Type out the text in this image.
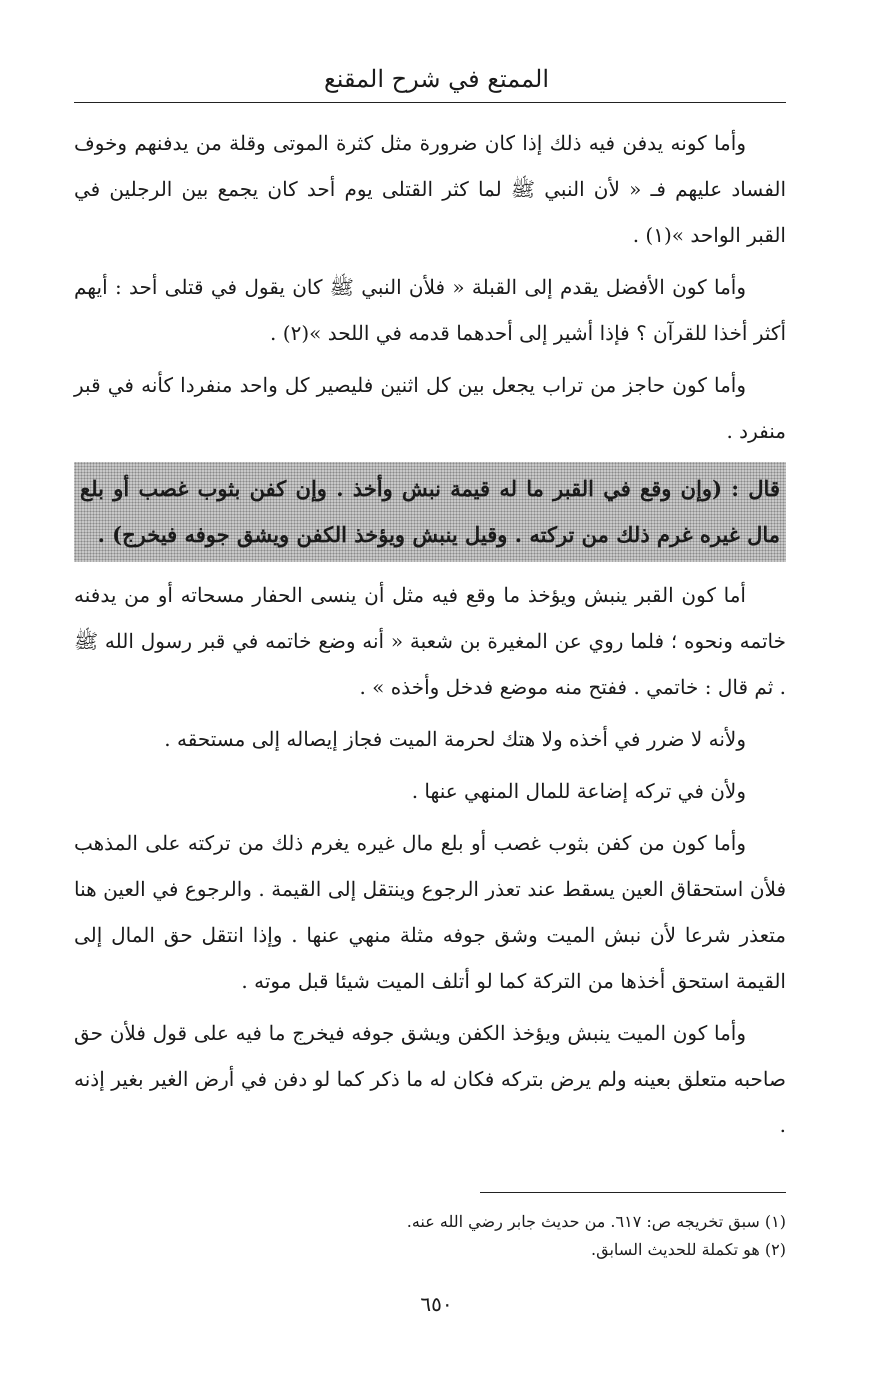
الممتع في شرح المقنع

وأما كونه يدفن فيه ذلك إذا كان ضرورة مثل كثرة الموتى وقلة من يدفنهم وخوف الفساد عليهم فـ « لأن النبي ﷺ لما كثر القتلى يوم أحد كان يجمع بين الرجلين في القبر الواحد »(١) .

وأما كون الأفضل يقدم إلى القبلة « فلأن النبي ﷺ كان يقول في قتلى أحد : أيهم أكثر أخذا للقرآن ؟ فإذا أشير إلى أحدهما قدمه في اللحد »(٢) .

وأما كون حاجز من تراب يجعل بين كل اثنين فليصير كل واحد منفردا كأنه في قبر منفرد .

قال : (وإن وقع في القبر ما له قيمة نبش وأخذ . وإن كفن بثوب غصب أو بلع مال غيره غرم ذلك من تركته . وقيل ينبش ويؤخذ الكفن ويشق جوفه فيخرج) .

أما كون القبر ينبش ويؤخذ ما وقع فيه مثل أن ينسى الحفار مسحاته أو من يدفنه خاتمه ونحوه ؛ فلما روي عن المغيرة بن شعبة « أنه وضع خاتمه في قبر رسول الله ﷺ . ثم قال : خاتمي . ففتح منه موضع فدخل وأخذه » .

ولأنه لا ضرر في أخذه ولا هتك لحرمة الميت فجاز إيصاله إلى مستحقه .

ولأن في تركه إضاعة للمال المنهي عنها .

وأما كون من كفن بثوب غصب أو بلع مال غيره يغرم ذلك من تركته على المذهب فلأن استحقاق العين يسقط عند تعذر الرجوع وينتقل إلى القيمة . والرجوع في العين هنا متعذر شرعا لأن نبش الميت وشق جوفه مثلة منهي عنها . وإذا انتقل حق المال إلى القيمة استحق أخذها من التركة كما لو أتلف الميت شيئا قبل موته .

وأما كون الميت ينبش ويؤخذ الكفن ويشق جوفه فيخرج ما فيه على قول فلأن حق صاحبه متعلق بعينه ولم يرض بتركه فكان له ما ذكر كما لو دفن في أرض الغير بغير إذنه .

(١) سبق تخريجه ص: ٦١٧. من حديث جابر رضي الله عنه.

(٢) هو تكملة للحديث السابق.

٦٥٠
